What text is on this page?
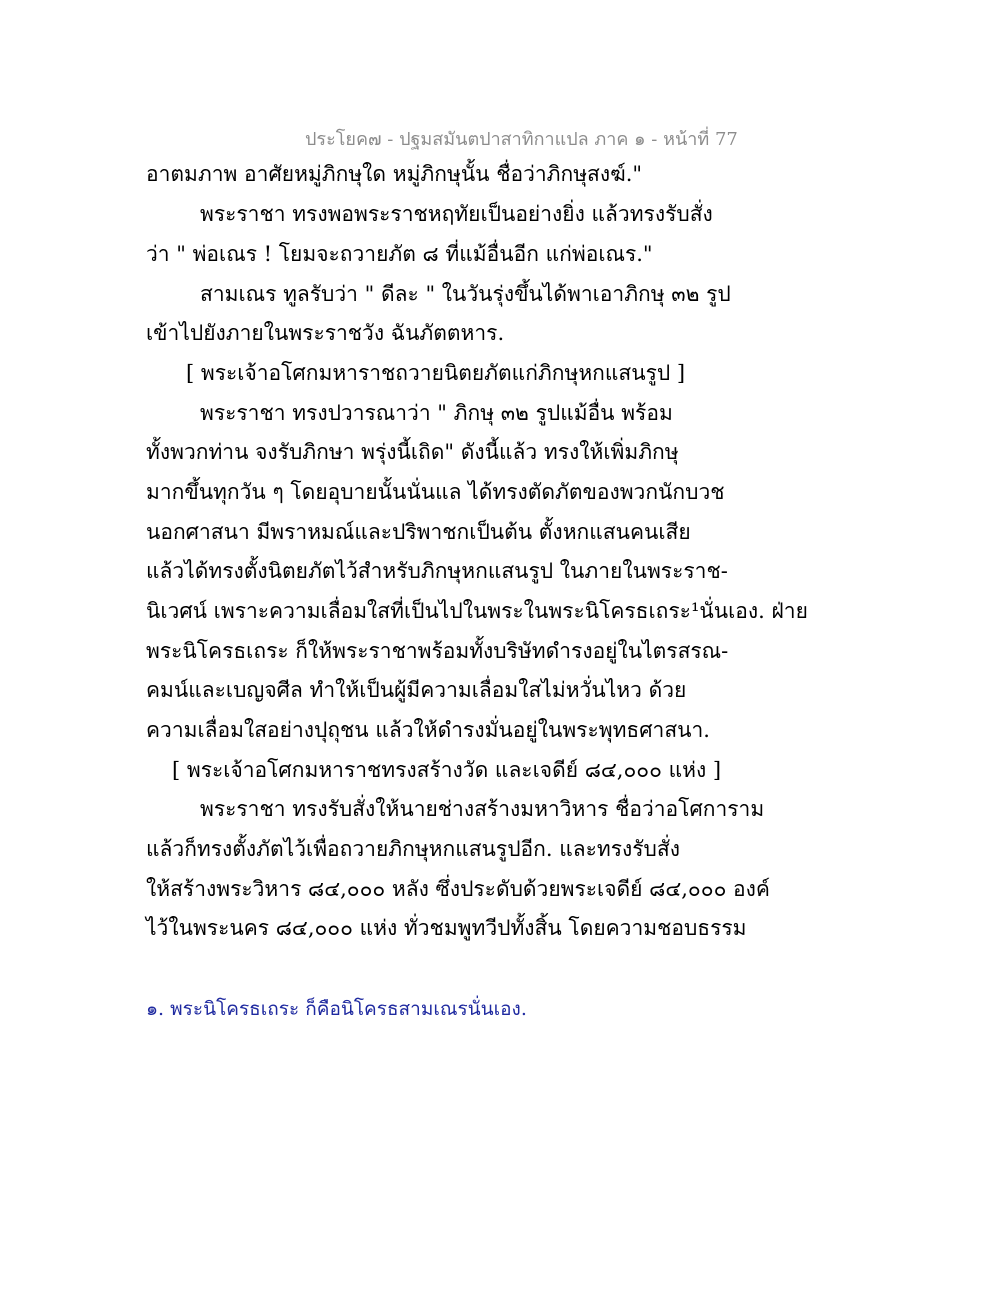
ประโยค๗ - ปฐมสมันตปาสาทิกาแปล ภาค ๑ - หน้าที่ 77
อาตมภาพ อาศัยหมู่ภิกษุใด หมู่ภิกษุนั้น ชื่อว่าภิกษุสงฆ์."
พระราชา ทรงพอพระราชหฤทัยเป็นอย่างยิ่ง แล้วทรงรับสั่ง
ว่า " พ่อเณร ! โยมจะถวายภัต ๘ ที่แม้อื่นอีก แก่พ่อเณร."
สามเณร ทูลรับว่า " ดีละ " ในวันรุ่งขึ้นได้พาเอาภิกษุ ๓๒ รูป
เข้าไปยังภายในพระราชวัง ฉันภัตตหาร.
[ พระเจ้าอโศกมหาราชถวายนิตยภัตแก่ภิกษุหกแสนรูป ]
พระราชา ทรงปวารณาว่า " ภิกษุ ๓๒ รูปแม้อื่น พร้อม
ทั้งพวกท่าน จงรับภิกษา พรุ่งนี้เถิด" ดังนี้แล้ว ทรงให้เพิ่มภิกษุ
มากขึ้นทุกวัน ๆ โดยอุบายนั้นนั่นแล ได้ทรงตัดภัตของพวกนักบวช
นอกศาสนา มีพราหมณ์และปริพาชกเป็นต้น ตั้งหกแสนคนเสีย
แล้วได้ทรงตั้งนิตยภัตไว้สำหรับภิกษุหกแสนรูป ในภายในพระราช-
นิเวศน์ เพราะความเลื่อมใสที่เป็นไปในพระในพระนิโครธเถระ¹นั่นเอง. ฝ่าย
พระนิโครธเถระ ก็ให้พระราชาพร้อมทั้งบริษัทดำรงอยู่ในไตรสรณ-
คมน์และเบญจศีล ทำให้เป็นผู้มีความเลื่อมใสไม่หวั่นไหว ด้วย
ความเลื่อมใสอย่างปุถุชน แล้วให้ดำรงมั่นอยู่ในพระพุทธศาสนา.
[ พระเจ้าอโศกมหาราชทรงสร้างวัด และเจดีย์ ๘๔,๐๐๐ แห่ง ]
พระราชา ทรงรับสั่งให้นายช่างสร้างมหาวิหาร ชื่อว่าอโศการาม
แล้วก็ทรงตั้งภัตไว้เพื่อถวายภิกษุหกแสนรูปอีก. และทรงรับสั่ง
ให้สร้างพระวิหาร ๘๔,๐๐๐ หลัง ซึ่งประดับด้วยพระเจดีย์ ๘๔,๐๐๐ องค์
ไว้ในพระนคร ๘๔,๐๐๐ แห่ง ทั่วชมพูทวีปทั้งสิ้น โดยความชอบธรรม
๑. พระนิโครธเถระ ก็คือนิโครธสามเณรนั่นเอง.
